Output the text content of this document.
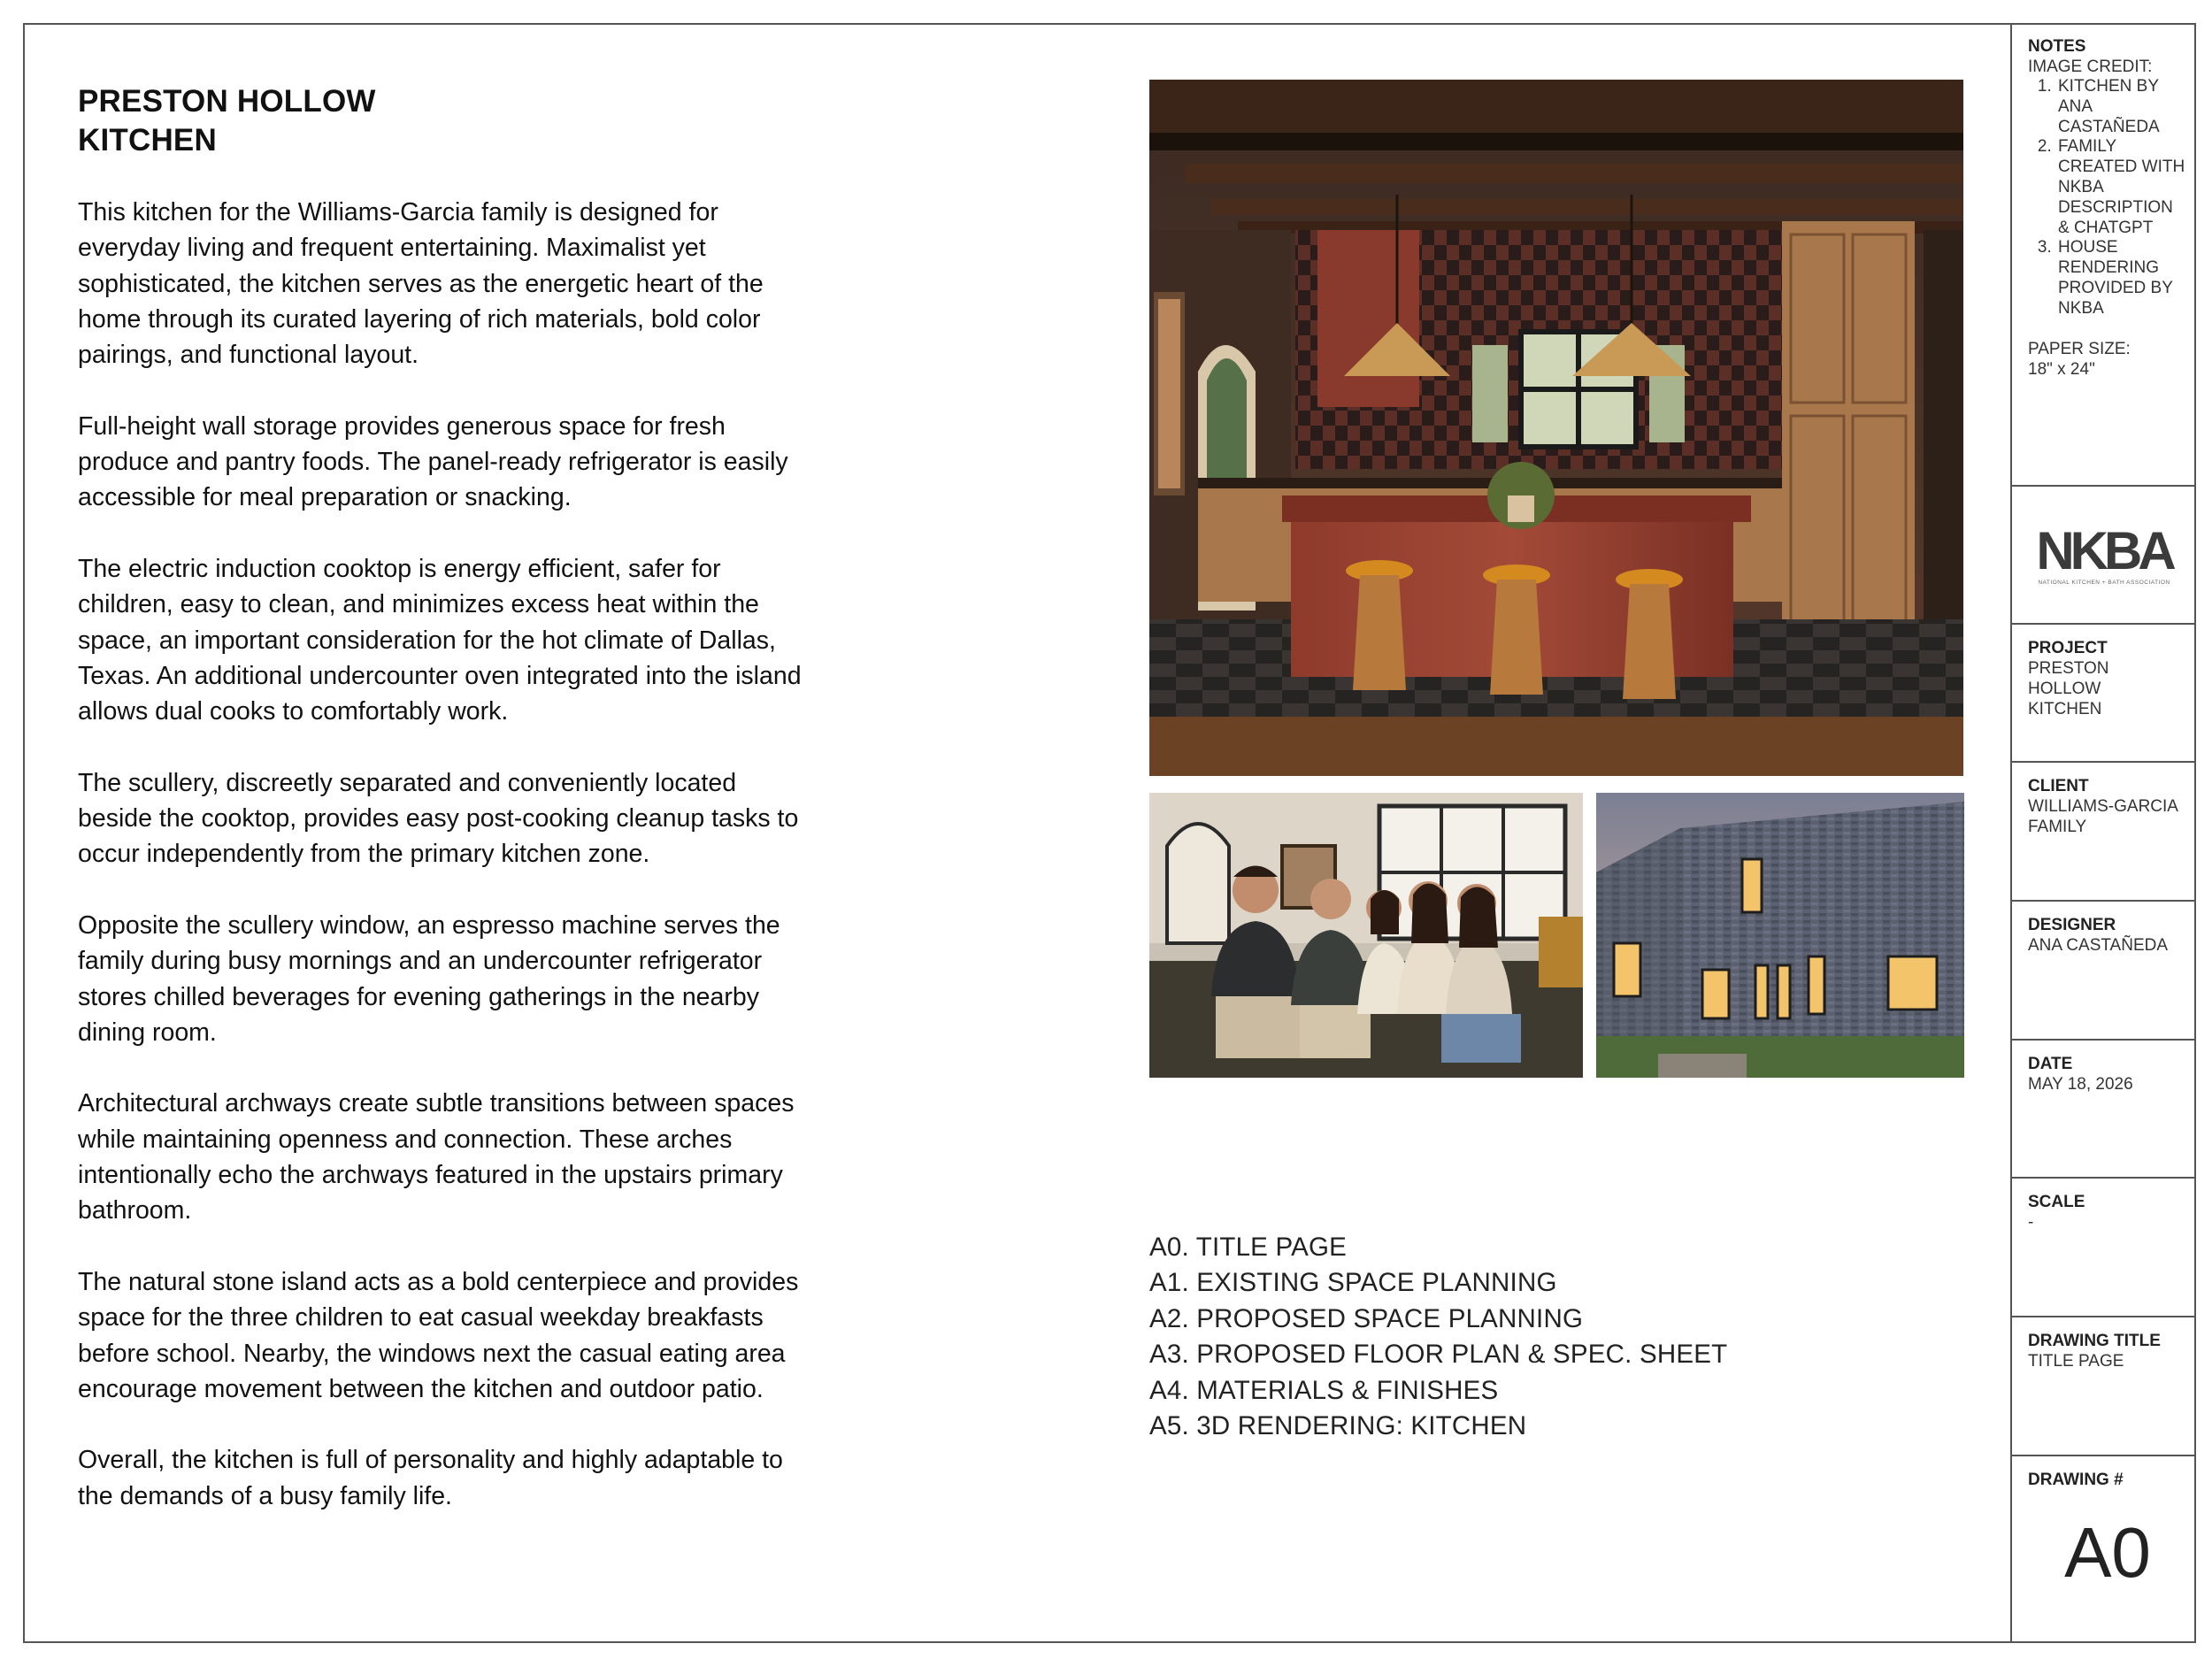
PRESTON HOLLOW
KITCHEN

This kitchen for the Williams-Garcia family is designed for everyday living and frequent entertaining. Maximalist yet sophisticated, the kitchen serves as the energetic heart of the home through its curated layering of rich materials, bold color pairings, and functional layout.

Full-height wall storage provides generous space for fresh produce and pantry foods. The panel-ready refrigerator is easily accessible for meal preparation or snacking.

The electric induction cooktop is energy efficient, safer for children, easy to clean, and minimizes excess heat within the space, an important consideration for the hot climate of Dallas, Texas. An additional undercounter oven integrated into the island allows dual cooks to comfortably work.

The scullery, discreetly separated and conveniently located beside the cooktop, provides easy post-cooking cleanup tasks to occur independently from the primary kitchen zone.

Opposite the scullery window, an espresso machine serves the family during busy mornings and an undercounter refrigerator stores chilled beverages for evening gatherings in the nearby dining room.

Architectural archways create subtle transitions between spaces while maintaining openness and connection. These arches intentionally echo the archways featured in the upstairs primary bathroom.

The natural stone island acts as a bold centerpiece and provides space for the three children to eat casual weekday breakfasts before school. Nearby, the windows next the casual eating area encourage movement between the kitchen and outdoor patio.

Overall, the kitchen is full of personality and highly adaptable to the demands of a busy family life.

A0. TITLE PAGE
A1. EXISTING SPACE PLANNING
A2. PROPOSED SPACE PLANNING
A3. PROPOSED FLOOR PLAN & SPEC. SHEET
A4. MATERIALS & FINISHES
A5. 3D RENDERING: KITCHEN
NOTES
IMAGE CREDIT:
1. KITCHEN BY ANA CASTAÑEDA
2. FAMILY CREATED WITH NKBA DESCRIPTION & CHATGPT
3. HOUSE RENDERING PROVIDED BY NKBA
PAPER SIZE:
18" x 24"
NKBA
NATIONAL KITCHEN + BATH ASSOCIATION
PROJECT
PRESTON HOLLOW KITCHEN
CLIENT
WILLIAMS-GARCIA FAMILY
DESIGNER
ANA CASTAÑEDA
DATE
MAY 18, 2026
SCALE
-
DRAWING TITLE
TITLE PAGE
DRAWING #
A0
